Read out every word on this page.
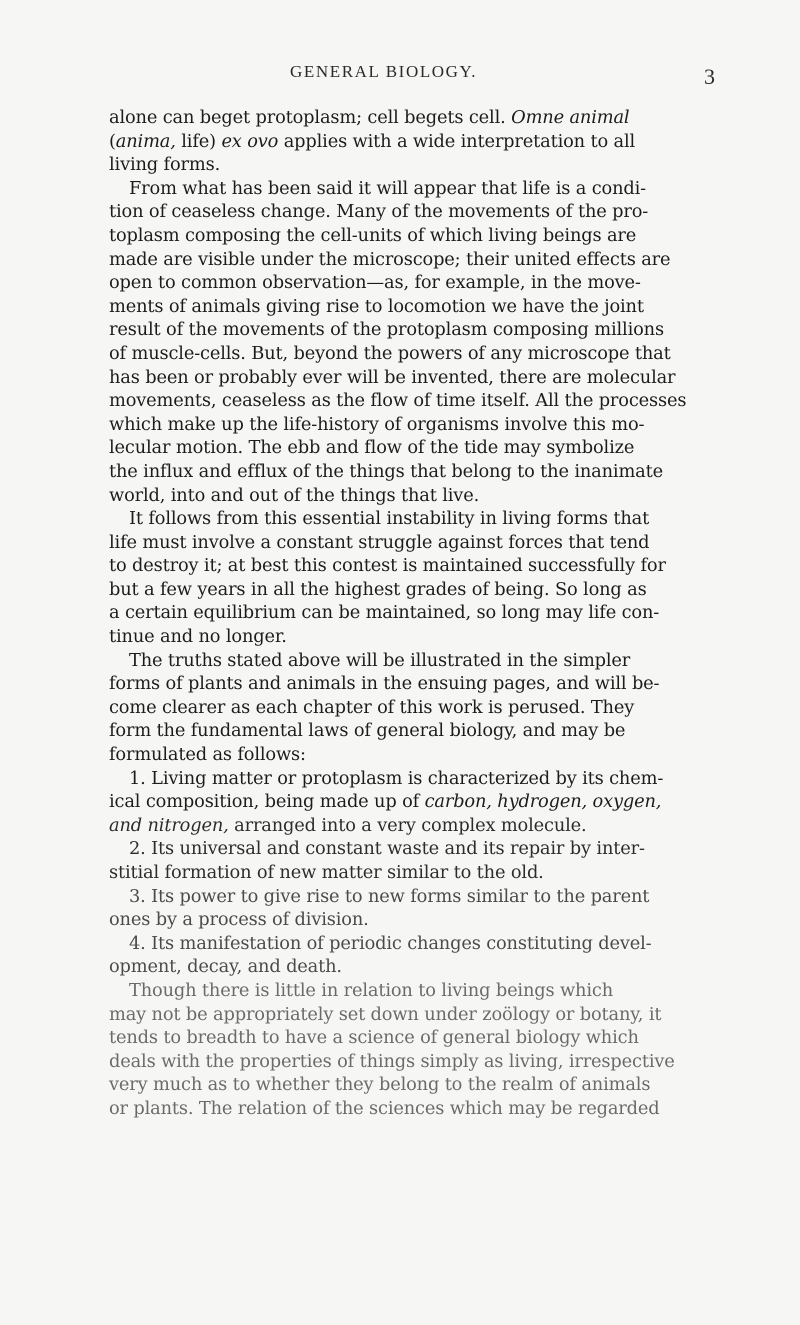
GENERAL BIOLOGY.	3
alone can beget protoplasm; cell begets cell. Omne animal
(anima, life) ex ovo applies with a wide interpretation to all
living forms.
From what has been said it will appear that life is a condi-
tion of ceaseless change. Many of the movements of the pro-
toplasm composing the cell-units of which living beings are
made are visible under the microscope; their united effects are
open to common observation—as, for example, in the move-
ments of animals giving rise to locomotion we have the joint
result of the movements of the protoplasm composing millions
of muscle-cells. But, beyond the powers of any microscope that
has been or probably ever will be invented, there are molecular
movements, ceaseless as the flow of time itself. All the processes
which make up the life-history of organisms involve this mo-
lecular motion. The ebb and flow of the tide may symbolize
the influx and efflux of the things that belong to the inanimate
world, into and out of the things that live.
It follows from this essential instability in living forms that
life must involve a constant struggle against forces that tend
to destroy it; at best this contest is maintained successfully for
but a few years in all the highest grades of being. So long as
a certain equilibrium can be maintained, so long may life con-
tinue and no longer.
The truths stated above will be illustrated in the simpler
forms of plants and animals in the ensuing pages, and will be-
come clearer as each chapter of this work is perused. They
form the fundamental laws of general biology, and may be
formulated as follows:
1. Living matter or protoplasm is characterized by its chem-
ical composition, being made up of carbon, hydrogen, oxygen,
and nitrogen, arranged into a very complex molecule.
2. Its universal and constant waste and its repair by inter-
stitial formation of new matter similar to the old.
3. Its power to give rise to new forms similar to the parent
ones by a process of division.
4. Its manifestation of periodic changes constituting devel-
opment, decay, and death.
Though there is little in relation to living beings which
may not be appropriately set down under zoölogy or botany, it
tends to breadth to have a science of general biology which
deals with the properties of things simply as living, irrespective
very much as to whether they belong to the realm of animals
or plants. The relation of the sciences which may be regarded
